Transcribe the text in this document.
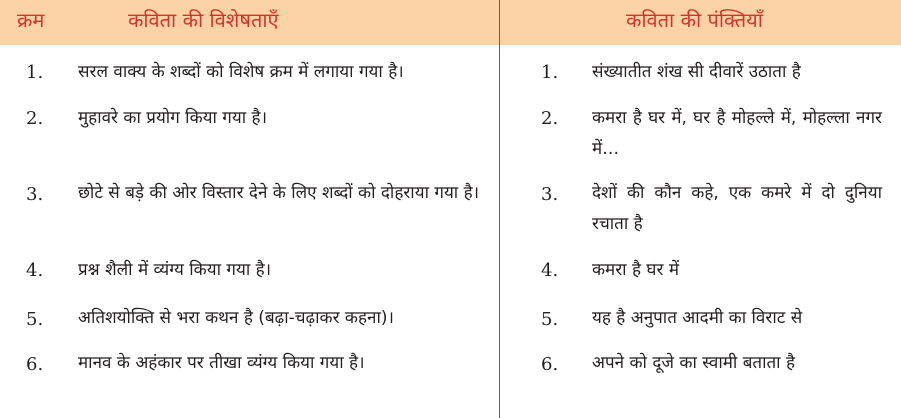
क्रम	कविता की विशेषताएँ	कविता की पंक्तियाँ
1. सरल वाक्य के शब्दों को विशेष क्रम में लगाया गया है।
2. मुहावरे का प्रयोग किया गया है।
3. छोटे से बड़े की ओर विस्तार देने के लिए शब्दों को दोहराया गया है।
4. प्रश्न शैली में व्यंग्य किया गया है।
5. अतिशयोक्ति से भरा कथन है (बढ़ा-चढ़ाकर कहना)।
6. मानव के अहंकार पर तीखा व्यंग्य किया गया है।
1. संख्यातीत शंख सी दीवारें उठाता है
2. कमरा है घर में, घर है मोहल्ले में, मोहल्ला नगर में…
3. देशों की कौन कहे, एक कमरे में दो दुनिया रचाता है
4. कमरा है घर में
5. यह है अनुपात आदमी का विराट से
6. अपने को दूजे का स्वामी बताता है
